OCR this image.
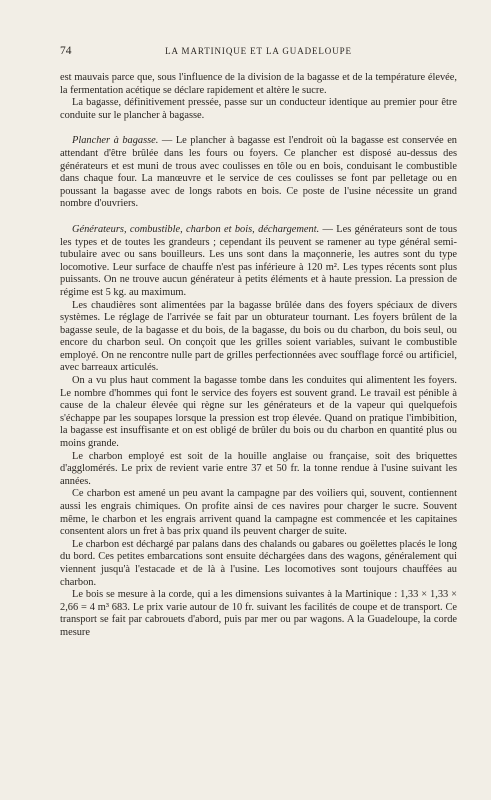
74	LA MARTINIQUE ET LA GUADELOUPE

est mauvais parce que, sous l'influence de la division de la bagasse et de la température élevée, la fermentation acétique se déclare rapidement et altère le sucre.

La bagasse, définitivement pressée, passe sur un conducteur identique au premier pour être conduite sur le plancher à bagasse.

Plancher à bagasse. — Le plancher à bagasse est l'endroit où la bagasse est conservée en attendant d'être brûlée dans les fours ou foyers. Ce plancher est disposé au-dessus des générateurs et est muni de trous avec coulisses en tôle ou en bois, conduisant le combustible dans chaque four. La manœuvre et le service de ces coulisses se font par pelletage ou en poussant la bagasse avec de longs rabots en bois. Ce poste de l'usine nécessite un grand nombre d'ouvriers.

Générateurs, combustible, charbon et bois, déchargement. — Les générateurs sont de tous les types et de toutes les grandeurs ; cependant ils peuvent se ramener au type général semi-tubulaire avec ou sans bouilleurs. Les uns sont dans la maçonnerie, les autres sont du type locomotive. Leur surface de chauffe n'est pas inférieure à 120 m². Les types récents sont plus puissants. On ne trouve aucun générateur à petits éléments et à haute pression. La pression de régime est 5 kg. au maximum.

Les chaudières sont alimentées par la bagasse brûlée dans des foyers spéciaux de divers systèmes. Le réglage de l'arrivée se fait par un obturateur tournant. Les foyers brûlent de la bagasse seule, de la bagasse et du bois, de la bagasse, du bois ou du charbon, du bois seul, ou encore du charbon seul. On conçoit que les grilles soient variables, suivant le combustible employé. On ne rencontre nulle part de grilles perfectionnées avec soufflage forcé ou artificiel, avec barreaux articulés.

On a vu plus haut comment la bagasse tombe dans les conduites qui alimentent les foyers. Le nombre d'hommes qui font le service des foyers est souvent grand. Le travail est pénible à cause de la chaleur élevée qui règne sur les générateurs et de la vapeur qui quelquefois s'échappe par les soupapes lorsque la pression est trop élevée. Quand on pratique l'imbibition, la bagasse est insuffisante et on est obligé de brûler du bois ou du charbon en quantité plus ou moins grande.

Le charbon employé est soit de la houille anglaise ou française, soit des briquettes d'agglomérés. Le prix de revient varie entre 37 et 50 fr. la tonne rendue à l'usine suivant les années.

Ce charbon est amené un peu avant la campagne par des voiliers qui, souvent, contiennent aussi les engrais chimiques. On profite ainsi de ces navires pour charger le sucre. Souvent même, le charbon et les engrais arrivent quand la campagne est commencée et les capitaines consentent alors un fret à bas prix quand ils peuvent charger de suite.

Le charbon est déchargé par palans dans des chalands ou gabares ou goëlettes placés le long du bord. Ces petites embarcations sont ensuite déchargées dans des wagons, généralement qui viennent jusqu'à l'estacade et de là à l'usine. Les locomotives sont toujours chauffées au charbon.

Le bois se mesure à la corde, qui a les dimensions suivantes à la Martinique : 1,33 × 1,33 × 2,66 = 4 m³ 683. Le prix varie autour de 10 fr. suivant les facilités de coupe et de transport. Ce transport se fait par cabrouets d'abord, puis par mer ou par wagons. A la Guadeloupe, la corde mesure
